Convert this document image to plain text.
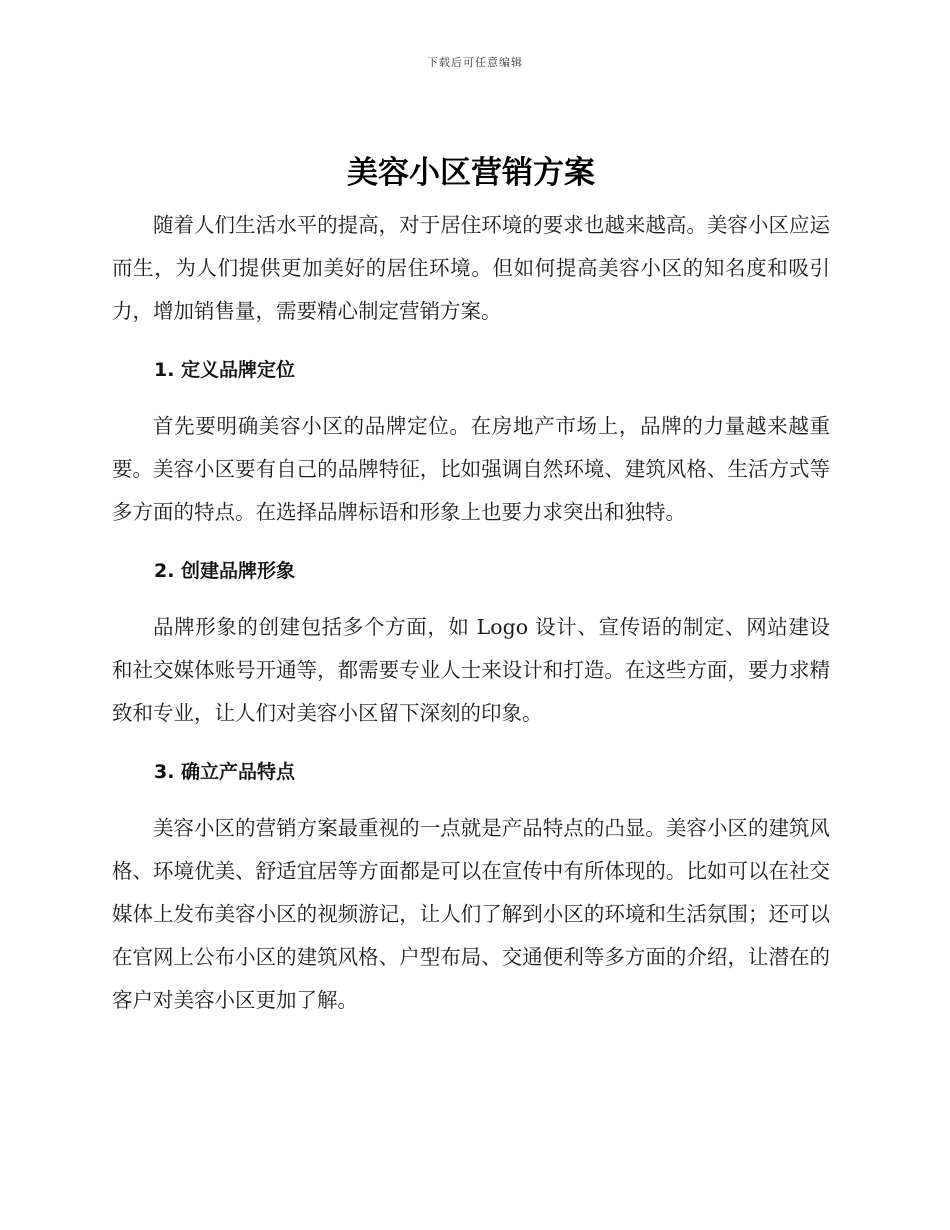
下载后可任意编辑
美容小区营销方案

随着人们生活水平的提高，对于居住环境的要求也越来越高。美容小区应运而生，为人们提供更加美好的居住环境。但如何提高美容小区的知名度和吸引力，增加销售量，需要精心制定营销方案。

1. 定义品牌定位

首先要明确美容小区的品牌定位。在房地产市场上，品牌的力量越来越重要。美容小区要有自己的品牌特征，比如强调自然环境、建筑风格、生活方式等多方面的特点。在选择品牌标语和形象上也要力求突出和独特。

2. 创建品牌形象

品牌形象的创建包括多个方面，如 Logo 设计、宣传语的制定、网站建设和社交媒体账号开通等，都需要专业人士来设计和打造。在这些方面，要力求精致和专业，让人们对美容小区留下深刻的印象。

3. 确立产品特点

美容小区的营销方案最重视的一点就是产品特点的凸显。美容小区的建筑风格、环境优美、舒适宜居等方面都是可以在宣传中有所体现的。比如可以在社交媒体上发布美容小区的视频游记，让人们了解到小区的环境和生活氛围；还可以在官网上公布小区的建筑风格、户型布局、交通便利等多方面的介绍，让潜在的客户对美容小区更加了解。
